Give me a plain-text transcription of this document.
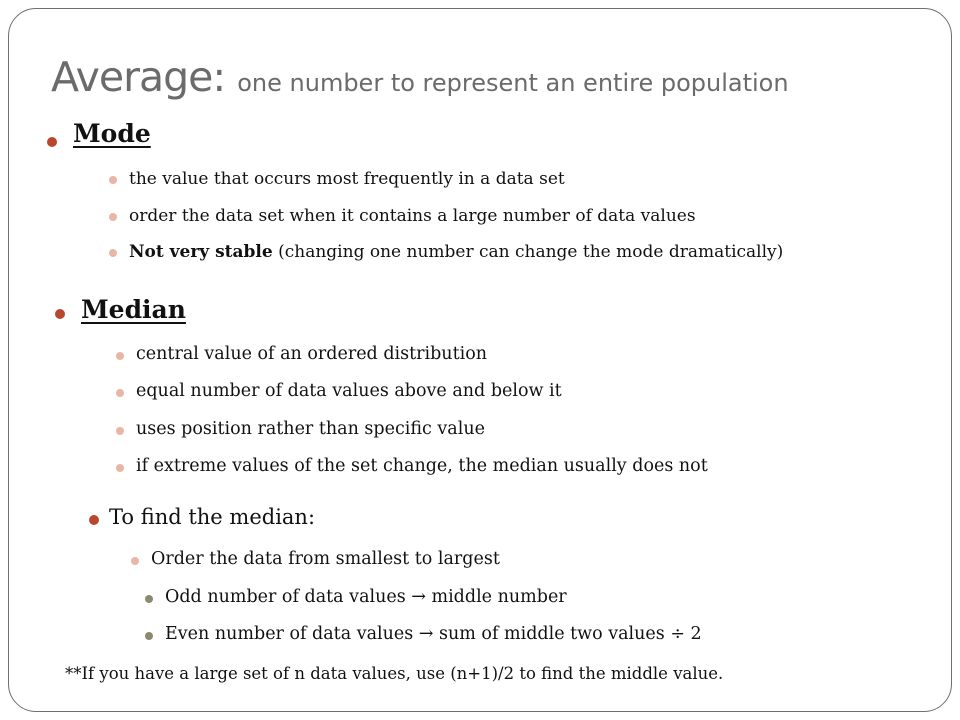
Average: one number to represent an entire population
Mode
the value that occurs most frequently in a data set
order the data set when it contains a large number of data values
Not very stable (changing one number can change the mode dramatically)
Median
central value of an ordered distribution
equal number of data values above and below it
uses position rather than specific value
if extreme values of the set change, the median usually does not
To find the median:
Order the data from smallest to largest
Odd number of data values → middle number
Even number of data values → sum of middle two values ÷ 2
**If you have a large set of n data values, use (n+1)/2 to find the middle value.
